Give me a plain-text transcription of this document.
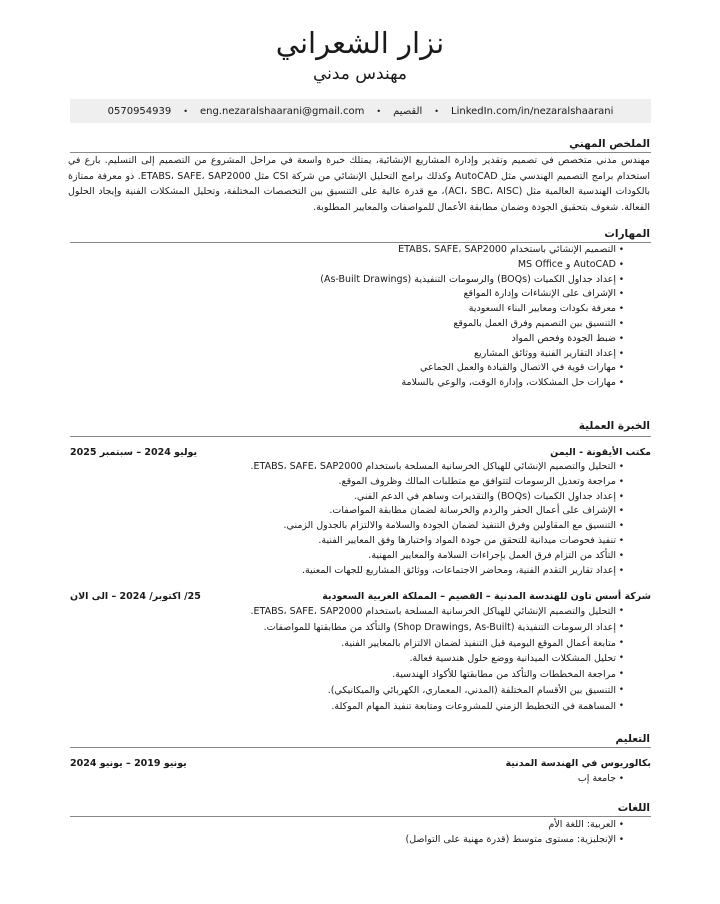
نزار الشعراني
مهندس مدني
0570954939 • eng.nezaralshaarani@gmail.com • القصيم • LinkedIn.com/in/nezaralshaarani
الملخص المهني
مهندس مدني متخصص في تصميم وتقدير وإدارة المشاريع الإنشائية، يمتلك خبرة واسعة في مراحل المشروع من التصميم إلى التسليم. بارع في استخدام برامج التصميم الهندسي مثل AutoCAD وكذلك برامج التحليل الإنشائي من شركة CSI مثل ETABS، SAFE، SAP2000. ذو معرفة ممتازة بالكودات الهندسية العالمية مثل (ACI، SBC، AISC)، مع قدرة عالية على التنسيق بين التخصصات المختلفة، وتحليل المشكلات الفنية وإيجاد الحلول الفعالة. شغوف بتحقيق الجودة وضمان مطابقة الأعمال للمواصفات والمعايير المطلوبة.
المهارات
• التصميم الإنشائي باستخدام ETABS، SAFE، SAP2000
• AutoCAD و MS Office
• إعداد جداول الكميات (BOQs) والرسومات التنفيذية (As-Built Drawings)
• الإشراف على الإنشاءات وإدارة المواقع
• معرفة بكودات ومعايير البناء السعودية
• التنسيق بين التصميم وفرق العمل بالموقع
• ضبط الجودة وفحص المواد
• إعداد التقارير الفنية ووثائق المشاريع
• مهارات قوية في الاتصال والقيادة والعمل الجماعي
• مهارات حل المشكلات، وإدارة الوقت، والوعي بالسلامة
الخبرة العملية
مكتب الأيقونة - اليمن
يوليو 2024 – سبتمبر 2025
• التحليل والتصميم الإنشائي للهياكل الخرسانية المسلحة باستخدام ETABS، SAFE، SAP2000.
• مراجعة وتعديل الرسومات لتتوافق مع متطلبات المالك وظروف الموقع.
• إعداد جداول الكميات (BOQs) والتقديرات وساهم في الدعم الفني.
• الإشراف على أعمال الحفر والردم والخرسانة لضمان مطابقة المواصفات.
• التنسيق مع المقاولين وفرق التنفيذ لضمان الجودة والسلامة والالتزام بالجدول الزمني.
• تنفيذ فحوصات ميدانية للتحقق من جودة المواد واختبارها وفق المعايير الفنية.
• التأكد من التزام فرق العمل بإجراءات السلامة والمعايير المهنية.
• إعداد تقارير التقدم الفنية، ومحاضر الاجتماعات، ووثائق المشاريع للجهات المعنية.
شركة أسس تاون للهندسة المدنية – القصيم – المملكة العربية السعودية
25/ اكتوبر/ 2024 – الى الان
• التحليل والتصميم الإنشائي للهياكل الخرسانية المسلحة باستخدام ETABS، SAFE، SAP2000.
• إعداد الرسومات التنفيذية (Shop Drawings, As-Built) والتأكد من مطابقتها للمواصفات.
• متابعة أعمال الموقع اليومية قبل التنفيذ لضمان الالتزام بالمعايير الفنية.
• تحليل المشكلات الميدانية ووضع حلول هندسية فعالة.
• مراجعة المخططات والتأكد من مطابقتها للأكواد الهندسية.
• التنسيق بين الأقسام المختلفة (المدني، المعماري، الكهربائي والميكانيكي).
• المساهمة في التخطيط الزمني للمشروعات ومتابعة تنفيذ المهام الموكلة.
التعليم
بكالوريوس في الهندسة المدنية
يونيو 2019 – يونيو 2024
• جامعة إب
اللغات
• العربية: اللغة الأم
• الإنجليزية: مستوى متوسط (قدرة مهنية على التواصل)
